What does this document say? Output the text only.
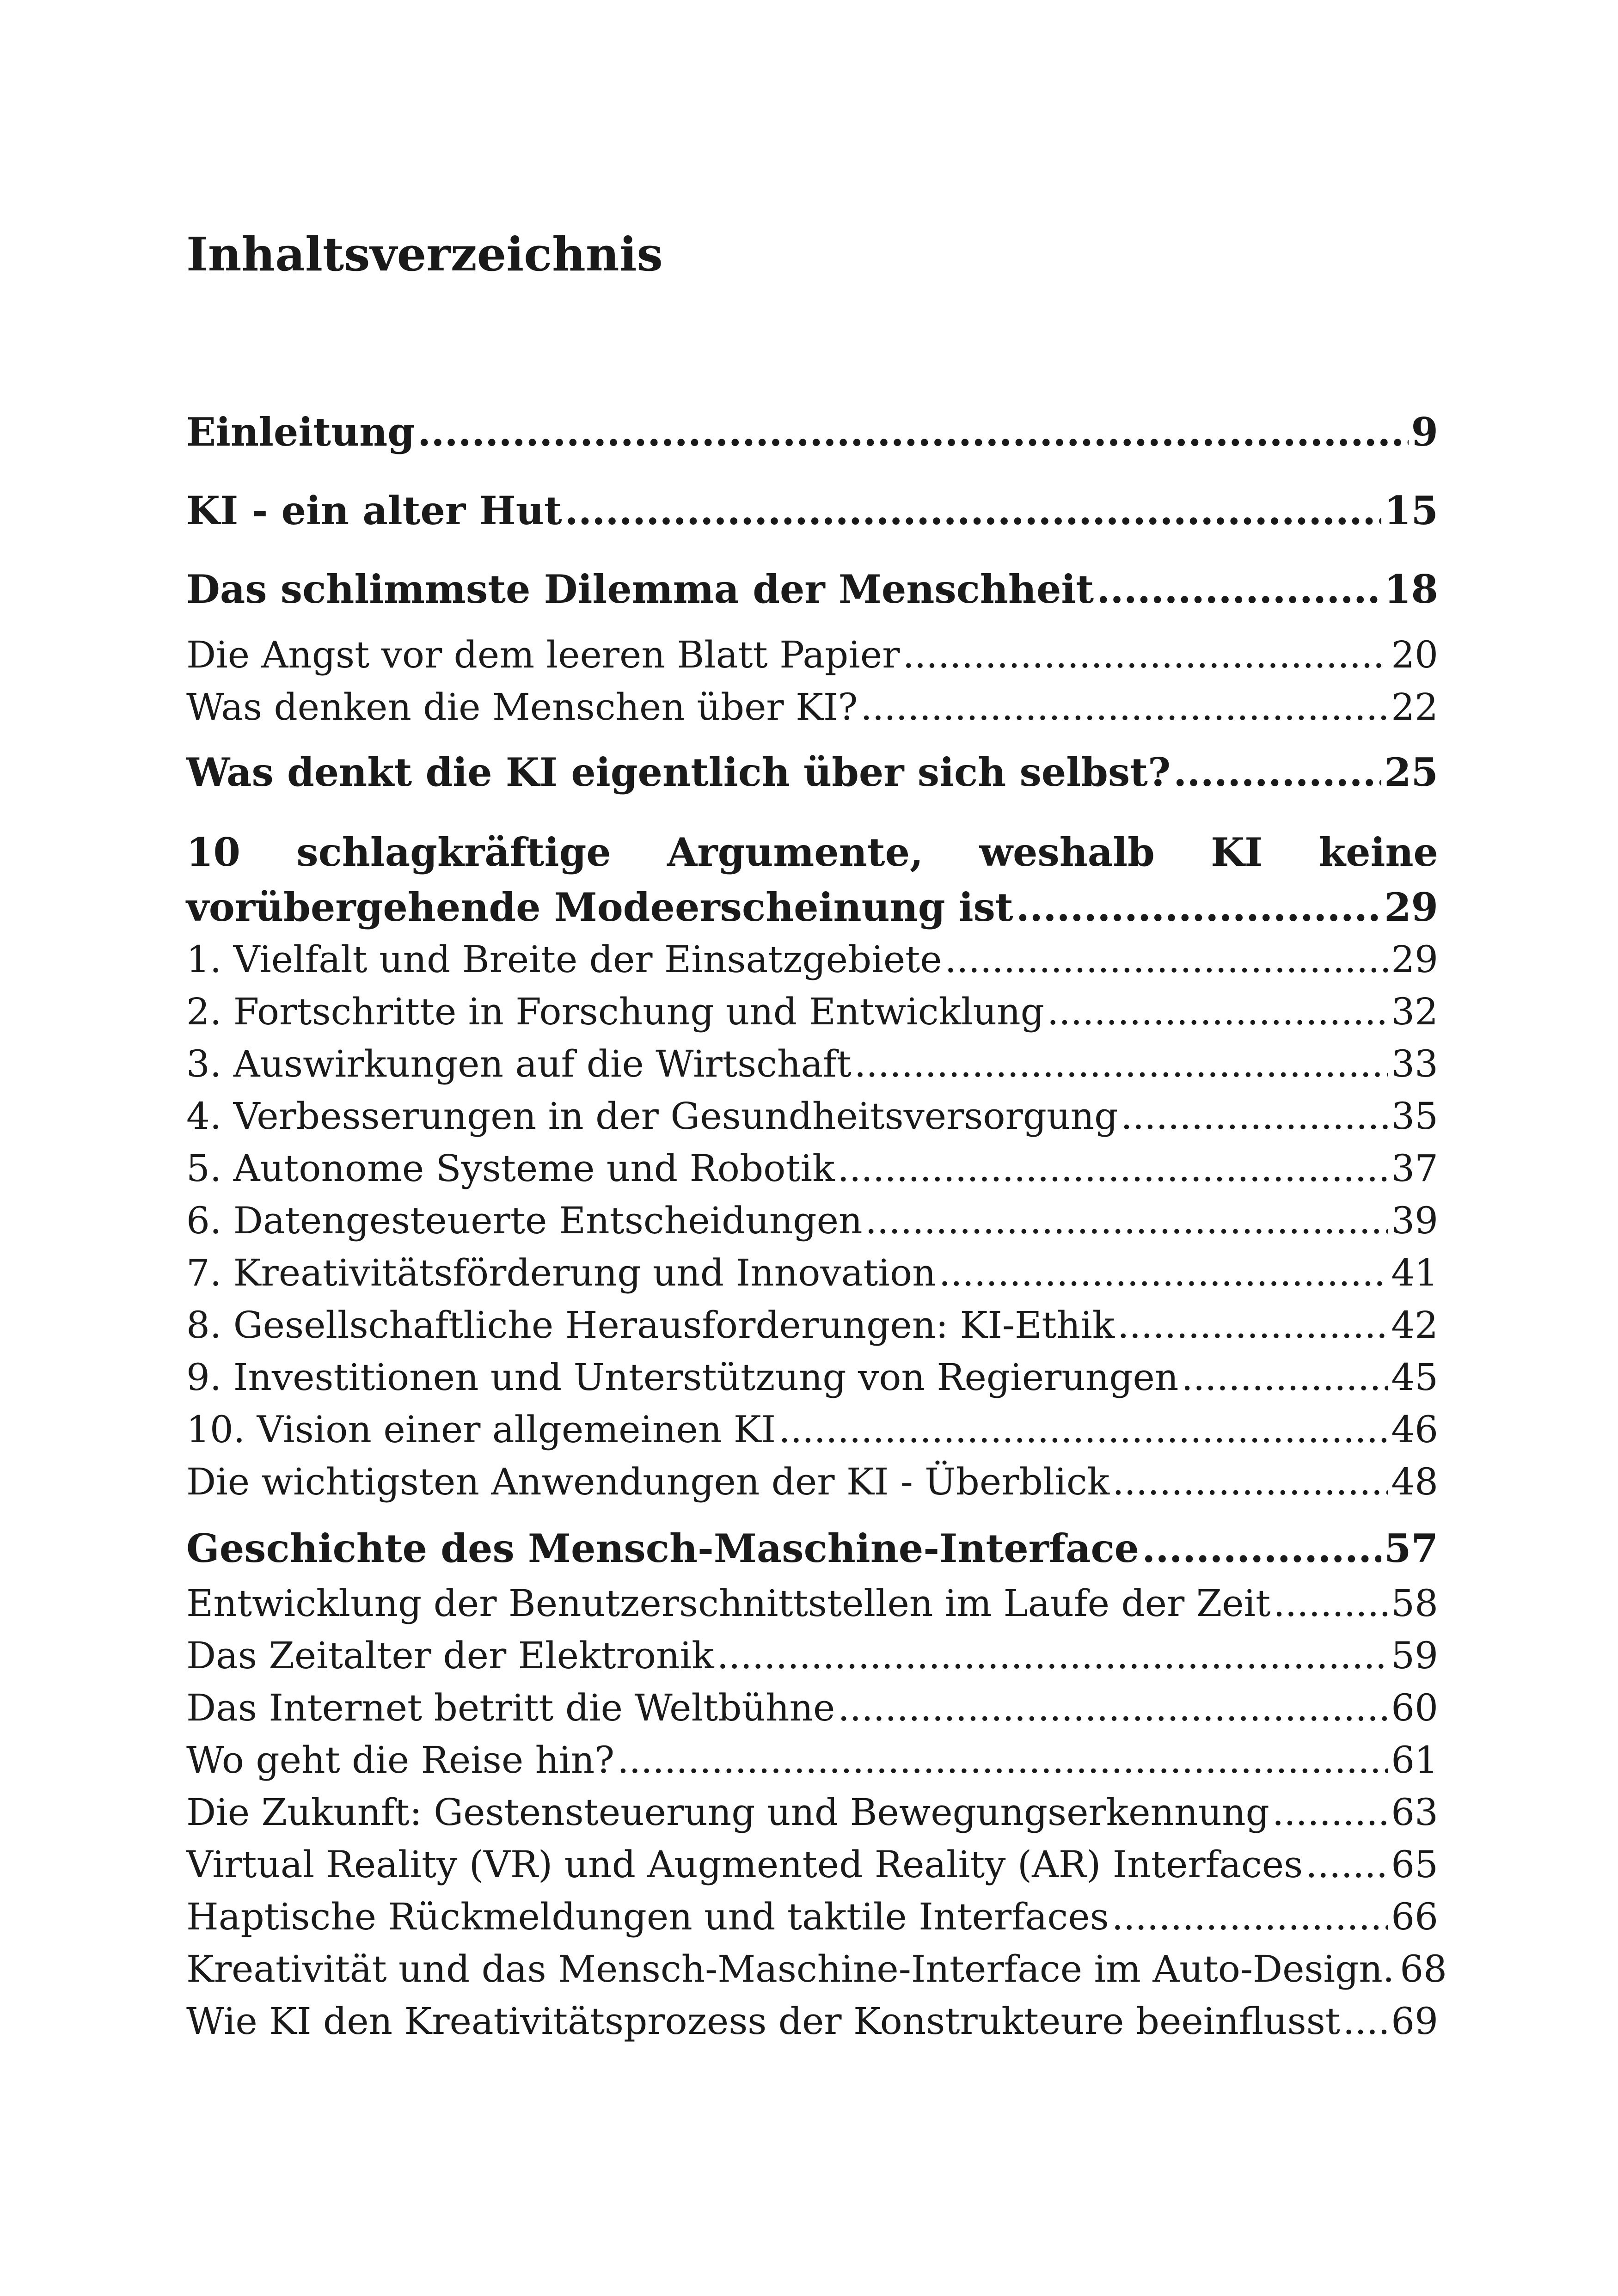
Inhaltsverzeichnis
Einleitung .....	9
KI - ein alter Hut .....	15
Das schlimmste Dilemma der Menschheit .....	18
Die Angst vor dem leeren Blatt Papier .....	20
Was denken die Menschen über KI? .....	22
Was denkt die KI eigentlich über sich selbst? .....	25
10 schlagkräftige Argumente, weshalb KI keine
vorübergehende Modeerscheinung ist .....	29
1. Vielfalt und Breite der Einsatzgebiete .....	29
2. Fortschritte in Forschung und Entwicklung .....	32
3. Auswirkungen auf die Wirtschaft .....	33
4. Verbesserungen in der Gesundheitsversorgung .....	35
5. Autonome Systeme und Robotik .....	37
6. Datengesteuerte Entscheidungen .....	39
7. Kreativitätsförderung und Innovation .....	41
8. Gesellschaftliche Herausforderungen: KI-Ethik .....	42
9. Investitionen und Unterstützung von Regierungen .....	45
10. Vision einer allgemeinen KI .....	46
Die wichtigsten Anwendungen der KI - Überblick .....	48
Geschichte des Mensch-Maschine-Interface .....	57
Entwicklung der Benutzerschnittstellen im Laufe der Zeit .....	58
Das Zeitalter der Elektronik .....	59
Das Internet betritt die Weltbühne .....	60
Wo geht die Reise hin? .....	61
Die Zukunft: Gestensteuerung und Bewegungserkennung .....	63
Virtual Reality (VR) und Augmented Reality (AR) Interfaces ..... 65
Haptische Rückmeldungen und taktile Interfaces .....	66
Kreativität und das Mensch-Maschine-Interface im Auto-Design. 68
Wie KI den Kreativitätsprozess der Konstrukteure beeinflusst ..... 69
